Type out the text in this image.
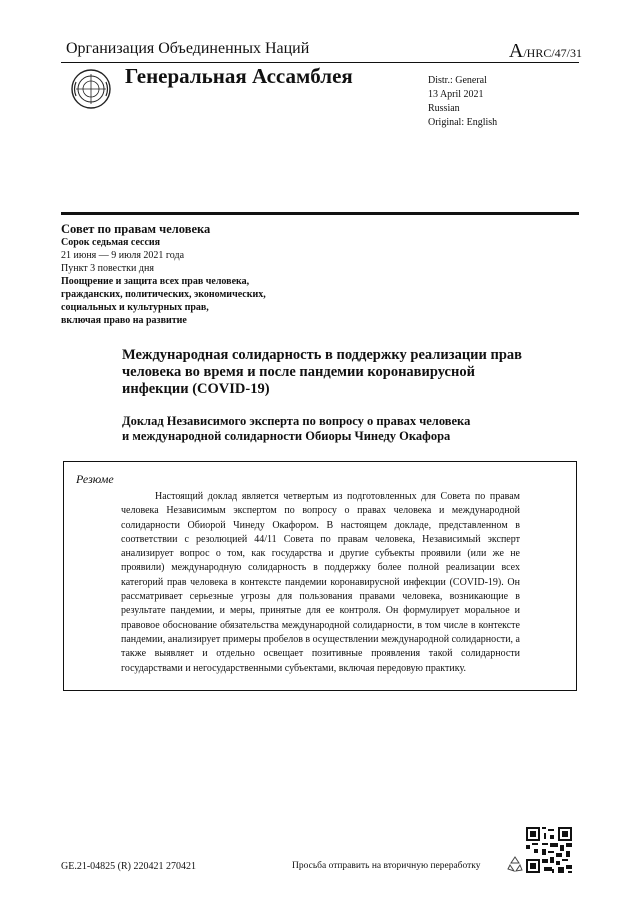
Организация Объединенных Наций	A/HRC/47/31
Генеральная Ассамблея	Distr.: General
13 April 2021
Russian
Original: English
Совет по правам человека
Сорок седьмая сессия
21 июня — 9 июля 2021 года
Пункт 3 повестки дня
Поощрение и защита всех прав человека,
гражданских, политических, экономических,
социальных и культурных прав,
включая право на развитие
Международная солидарность в поддержку реализации прав человека во время и после пандемии коронавирусной инфекции (COVID-19)
Доклад Независимого эксперта по вопросу о правах человека
и международной солидарности Обиоры Чинеду Окафора
Резюме
Настоящий доклад является четвертым из подготовленных для Совета по правам человека Независимым экспертом по вопросу о правах человека и международной солидарности Обиорой Чинеду Окафором. В настоящем докладе, представленном в соответствии с резолюцией 44/11 Совета по правам человека, Независимый эксперт анализирует вопрос о том, как государства и другие субъекты проявили (или же не проявили) международную солидарность в поддержку более полной реализации всех категорий прав человека в контексте пандемии коронавирусной инфекции (COVID-19). Он рассматривает серьезные угрозы для пользования правами человека, возникающие в результате пандемии, и меры, принятые для ее контроля. Он формулирует моральное и правовое обоснование обязательства международной солидарности, в том числе в контексте пандемии, анализирует примеры пробелов в осуществлении международной солидарности, а также выявляет и отдельно освещает позитивные проявления такой солидарности государствами и негосударственными субъектами, включая передовую практику.
GE.21-04825 (R) 220421 270421	Просьба отправить на вторичную переработку
